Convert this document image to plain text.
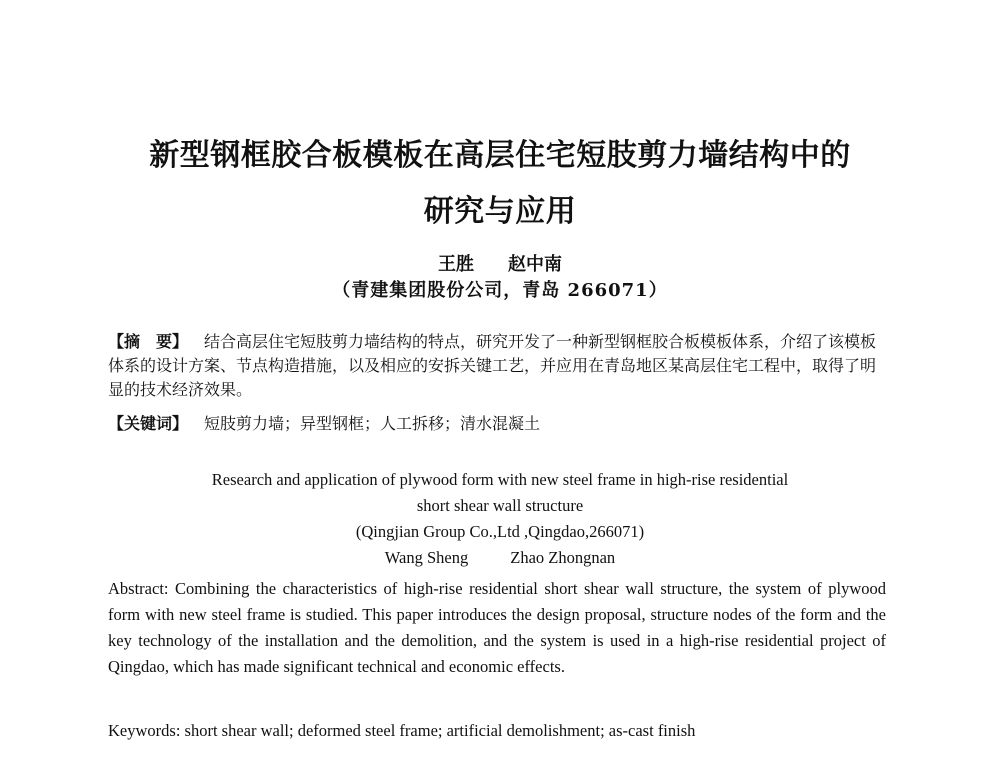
新型钢框胶合板模板在高层住宅短肢剪力墙结构中的
研究与应用
王胜 赵中南
（青建集团股份公司，青岛 266071）
【摘　要】 结合高层住宅短肢剪力墙结构的特点，研究开发了一种新型钢框胶合板模板体系，介绍了该模板体系的设计方案、节点构造措施，以及相应的安拆关键工艺，并应用在青岛地区某高层住宅工程中，取得了明显的技术经济效果。
【关键词】 短肢剪力墙；异型钢框；人工拆移；清水混凝土
Research and application of plywood form with new steel frame in high-rise residential
short shear wall structure
(Qingjian Group Co.,Ltd ,Qingdao,266071)
Wang Sheng	Zhao Zhongnan
Abstract: Combining the characteristics of high-rise residential short shear wall structure, the system of plywood form with new steel frame is studied. This paper introduces the design proposal, structure nodes of the form and the key technology of the installation and the demolition, and the system is used in a high-rise residential project of Qingdao, which has made significant technical and economic effects.
Keywords: short shear wall; deformed steel frame; artificial demolishment; as-cast finish
